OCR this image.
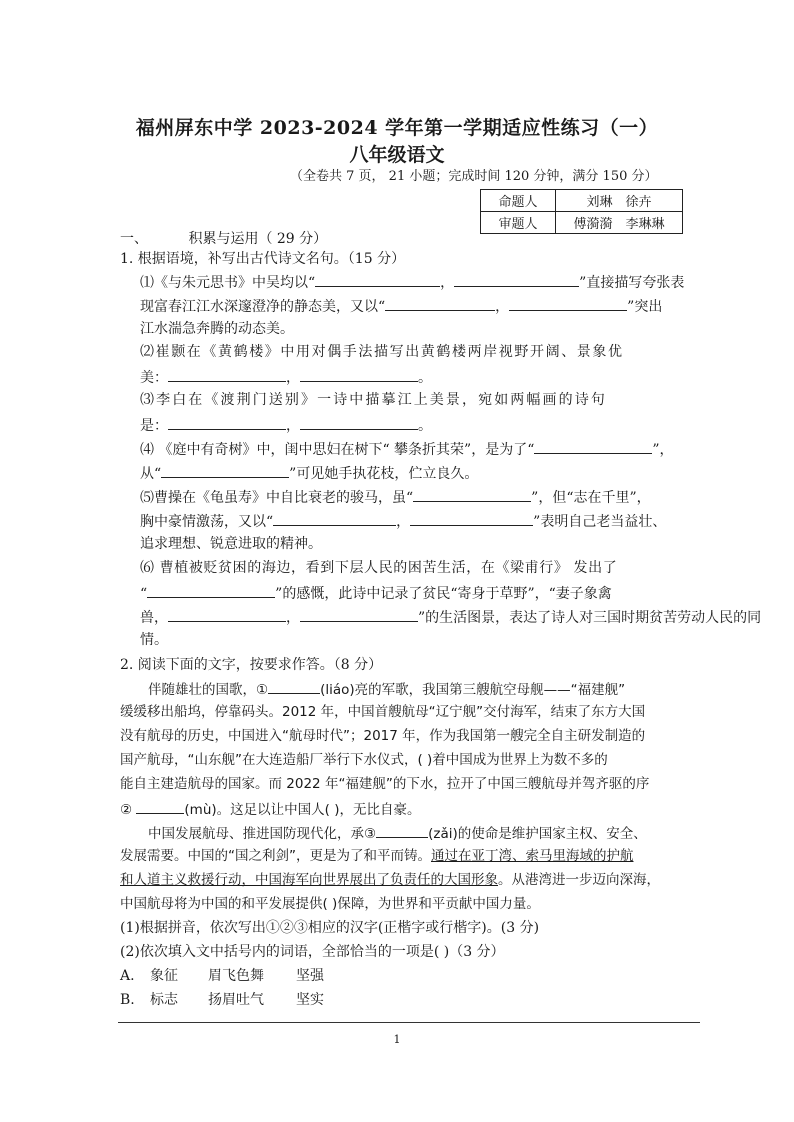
福州屏东中学 2023-2024 学年第一学期适应性练习（一）
八年级语文
（全卷共 7 页， 21 小题；完成时间 120 分钟，满分 150 分）
命题人	刘琳　徐卉
审题人	傅漪漪　李琳琳
一、	积累与运用（ 29 分）
1. 根据语境，补写出古代诗文名句。（15 分）
⑴《与朱元思书》中吴均以“	，	”直接描写夸张表
现富春江江水深邃澄净的静态美，又以“	，	”突出
江水湍急奔腾的动态美。
⑵崔颢在《黄鹤楼》中用对偶手法描写出黄鹤楼两岸视野开阔、景象优
美：	，	。
⑶李白在《渡荆门送别》一诗中描摹江上美景，宛如两幅画的诗句
是：	，	。
⑷ 《庭中有奇树》中，闺中思妇在树下“ 攀条折其荣”，是为了“	”，
从“	”可见她手执花枝，伫立良久。
⑸曹操在《龟虽寿》中自比衰老的骏马，虽“	”，但“志在千里”，
胸中豪情激荡，又以“	，	”表明自己老当益壮、
追求理想、锐意进取的精神。
⑹ 曹植被贬贫困的海边，看到下层人民的困苦生活，在《梁甫行》 发出了
“	”的感慨，此诗中记录了贫民“寄身于草野”，“妻子象禽
兽，	，	”的生活图景，表达了诗人对三国时期贫苦劳动人民的同
情。
2. 阅读下面的文字，按要求作答。（8 分）
伴随雄壮的国歌，①	(liáo)亮的军歌，我国第三艘航空母舰——“福建舰”
缓缓移出船坞，停靠码头。2012 年，中国首艘航母“辽宁舰”交付海军，结束了东方大国
没有航母的历史，中国进入“航母时代”；2017 年，作为我国第一艘完全自主研发制造的
国产航母，“山东舰”在大连造船厂举行下水仪式，( )着中国成为世界上为数不多的
能自主建造航母的国家。而 2022 年“福建舰”的下水，拉开了中国三艘航母并驾齐驱的序
②	(mù)。这足以让中国人( )，无比自豪。
中国发展航母、推进国防现代化，承③	(zǎi)的使命是维护国家主权、安全、
发展需要。中国的“国之利剑”，更是为了和平而铸。通过在亚丁湾、索马里海域的护航
和人道主义救援行动，中国海军向世界展出了负责任的大国形象。从港湾进一步迈向深海，
中国航母将为中国的和平发展提供( )保障，为世界和平贡献中国力量。
(1)根据拼音，依次写出①②③相应的汉字(正楷字或行楷字)。(3 分)
(2)依次填入文中括号内的词语，全部恰当的一项是( )（3 分）
A. 象征 眉飞色舞 坚强
B. 标志 扬眉吐气 坚实
1
